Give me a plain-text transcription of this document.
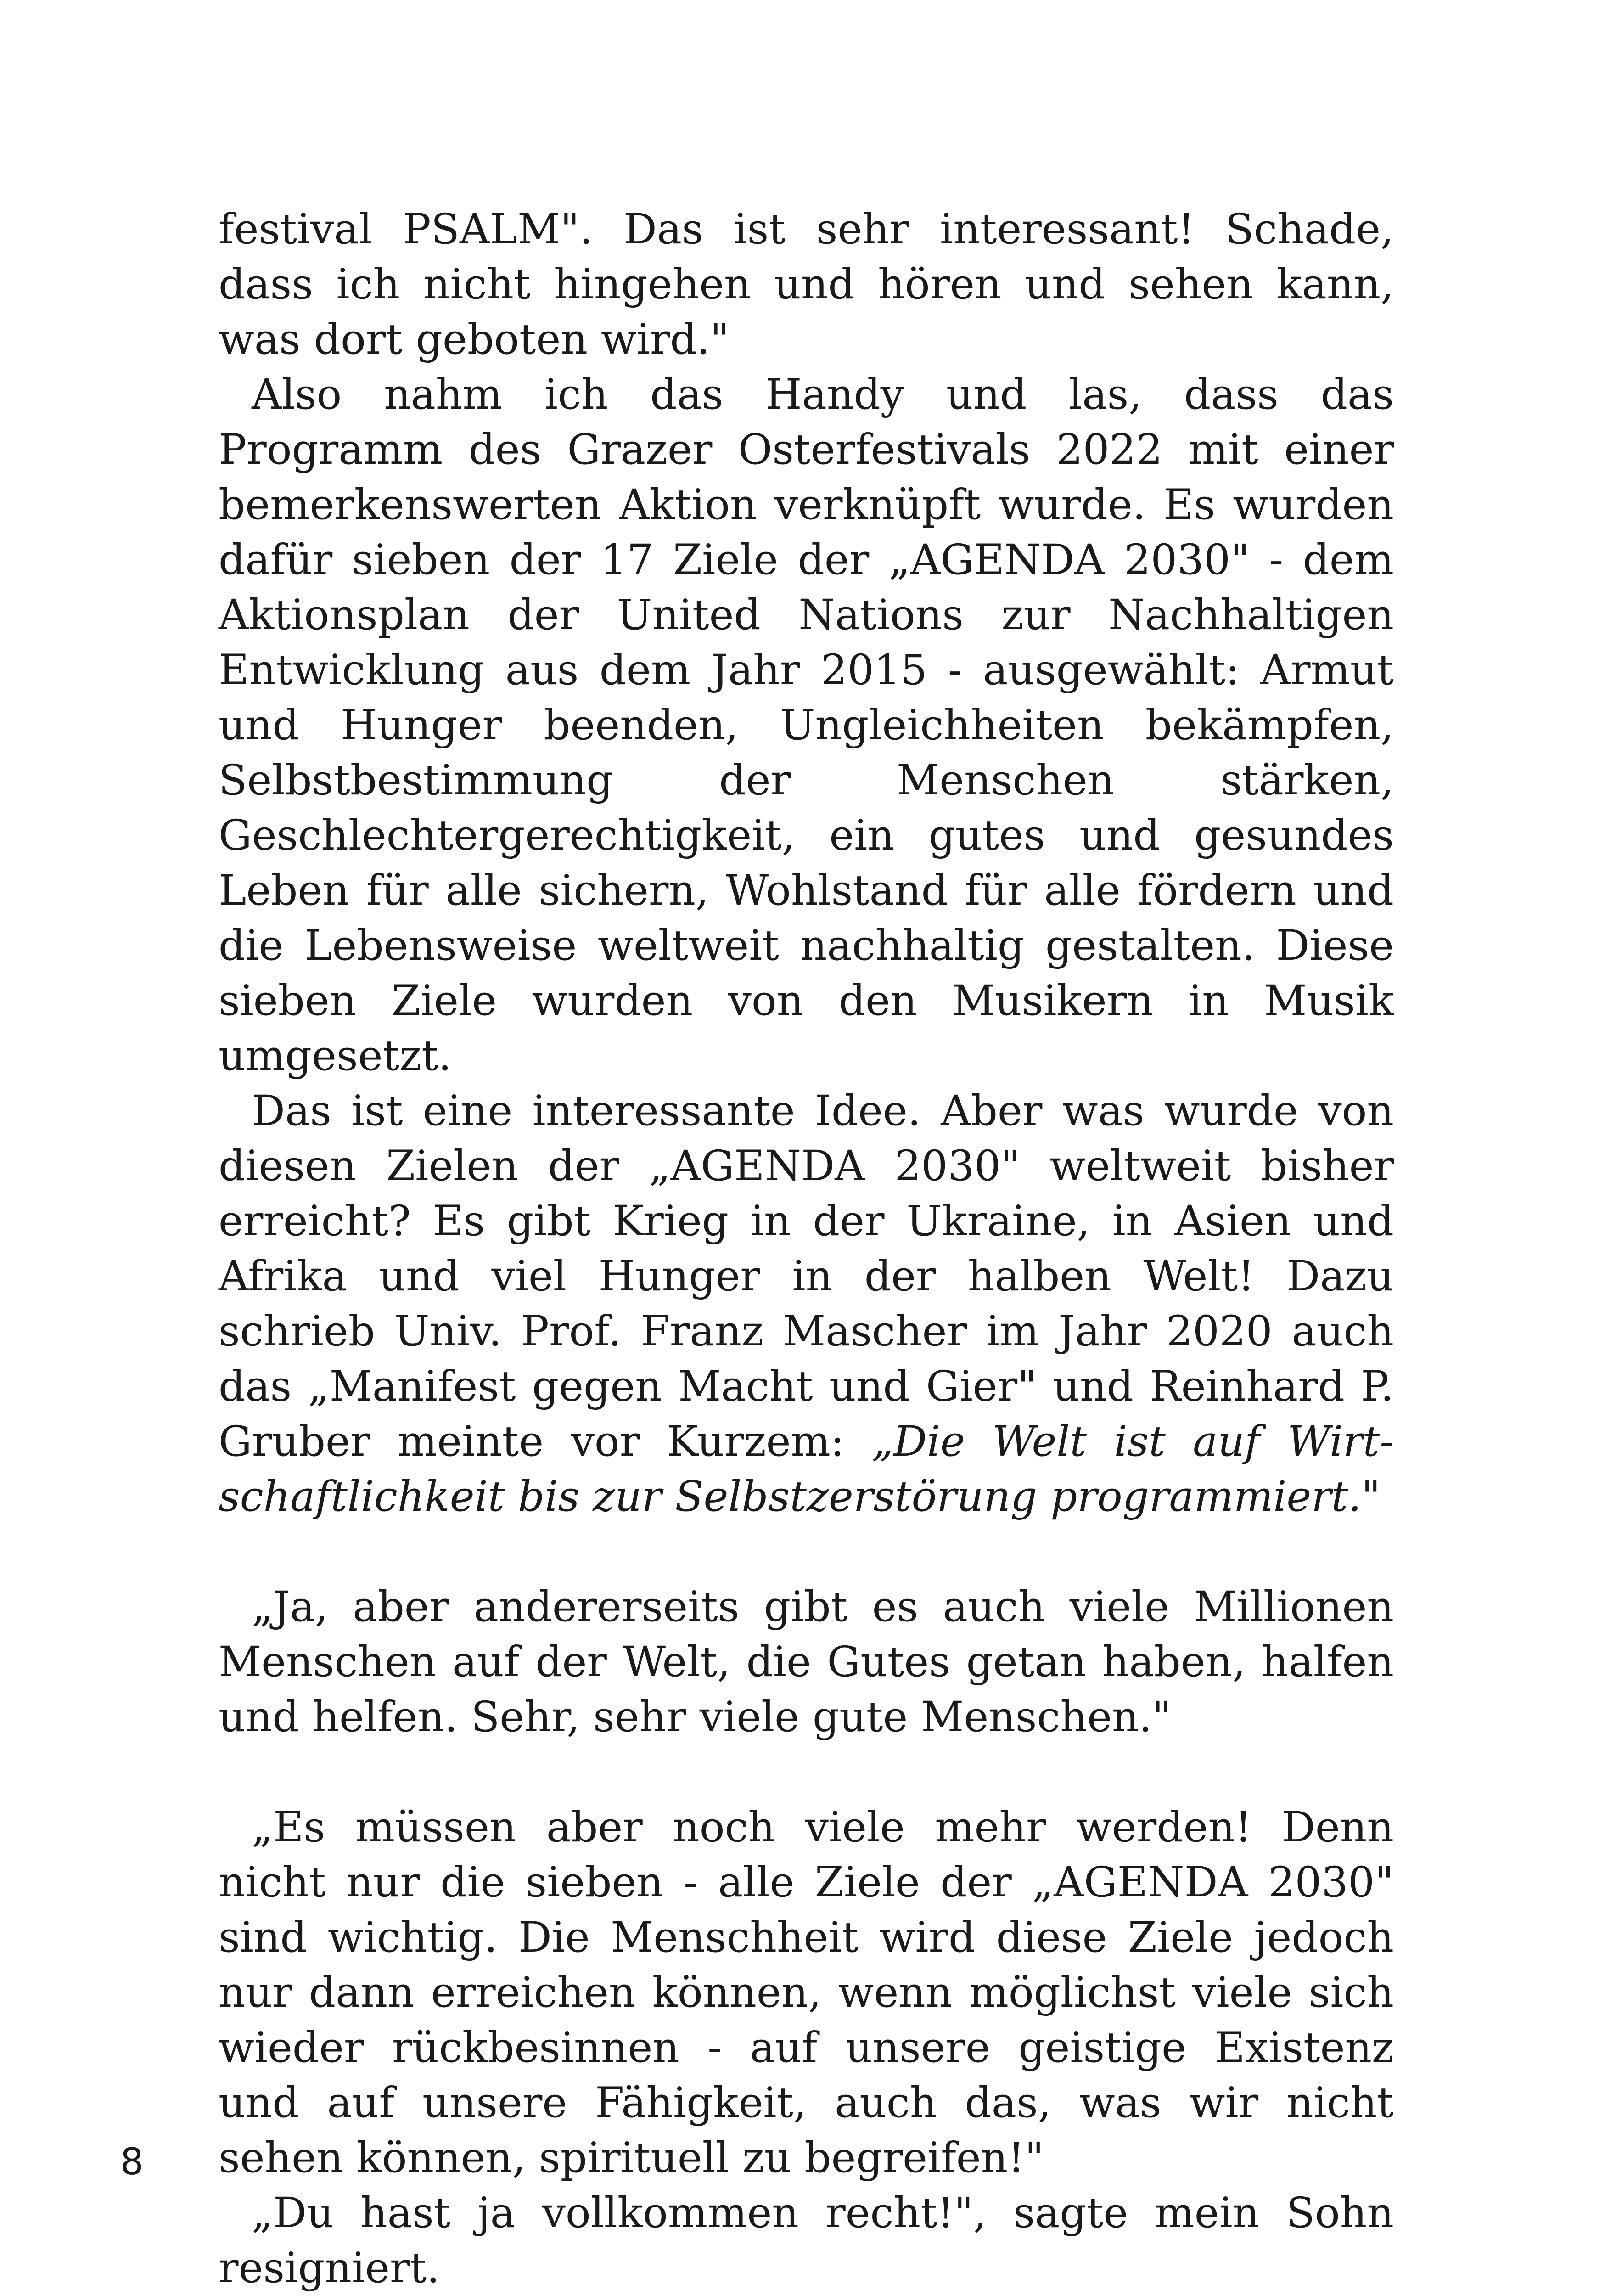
festival PSALM". Das ist sehr interessant! Schade, dass ich nicht hingehen und hören und sehen kann, was dort geboten wird."

Also nahm ich das Handy und las, dass das Programm des Grazer Osterfestivals 2022 mit einer bemerkenswerten Aktion verknüpft wurde. Es wurden dafür sieben der 17 Ziele der „AGENDA 2030" - dem Aktionsplan der United Nations zur Nachhaltigen Entwicklung aus dem Jahr 2015 - ausgewählt: Armut und Hunger beenden, Ungleichheiten bekämpfen, Selbstbestimmung der Menschen stärken, Geschlechtergerechtigkeit, ein gutes und gesundes Leben für alle sichern, Wohlstand für alle fördern und die Lebensweise weltweit nachhaltig gestalten. Diese sieben Ziele wurden von den Musikern in Musik umgesetzt.

Das ist eine interessante Idee. Aber was wurde von diesen Zielen der „AGENDA 2030" weltweit bisher erreicht? Es gibt Krieg in der Ukraine, in Asien und Afrika und viel Hunger in der halben Welt! Dazu schrieb Univ. Prof. Franz Mascher im Jahr 2020 auch das „Manifest gegen Macht und Gier" und Reinhard P. Gruber meinte vor Kurzem: „Die Welt ist auf Wirtschaftlichkeit bis zur Selbstzerstörung programmiert."

„Ja, aber andererseits gibt es auch viele Millionen Menschen auf der Welt, die Gutes getan haben, halfen und helfen. Sehr, sehr viele gute Menschen."

„Es müssen aber noch viele mehr werden! Denn nicht nur die sieben - alle Ziele der „AGENDA 2030" sind wichtig. Die Menschheit wird diese Ziele jedoch nur dann erreichen können, wenn möglichst viele sich wieder rückbesinnen - auf unsere geistige Existenz und auf unsere Fähigkeit, auch das, was wir nicht sehen können, spirituell zu begreifen!"

„Du hast ja vollkommen recht!", sagte mein Sohn resigniert.

8
